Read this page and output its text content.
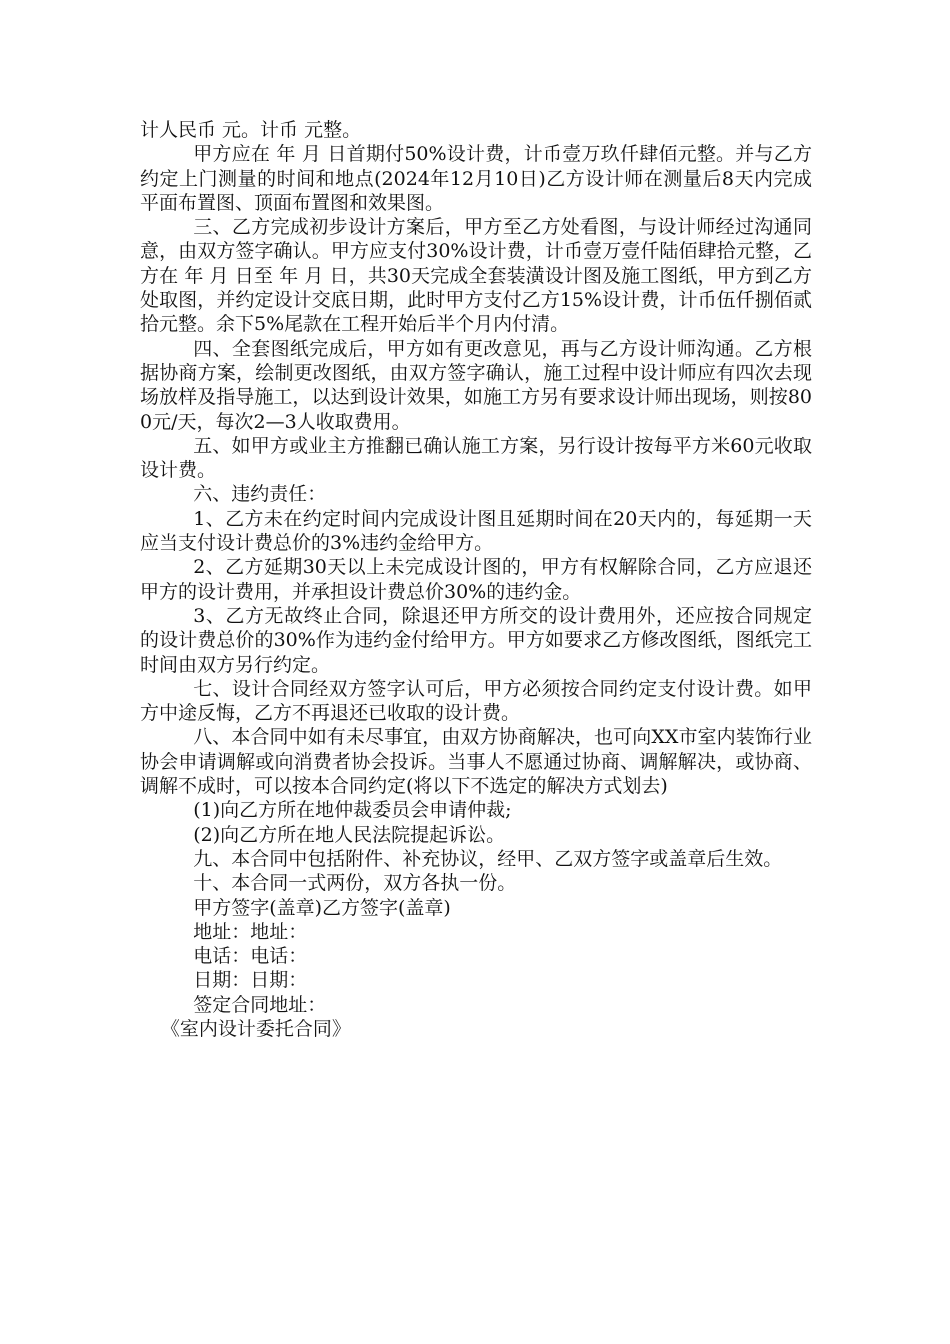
计人民币 元。计币 元整。

甲方应在 年 月 日首期付50%设计费，计币壹万玖仟肆佰元整。并与乙方约定上门测量的时间和地点(2024年12月10日)乙方设计师在测量后8天内完成平面布置图、顶面布置图和效果图。

三、乙方完成初步设计方案后，甲方至乙方处看图，与设计师经过沟通同意，由双方签字确认。甲方应支付30%设计费，计币壹万壹仟陆佰肆拾元整，乙方在 年 月 日至 年 月 日，共30天完成全套装潢设计图及施工图纸，甲方到乙方处取图，并约定设计交底日期，此时甲方支付乙方15%设计费，计币伍仟捌佰贰拾元整。余下5%尾款在工程开始后半个月内付清。

四、全套图纸完成后，甲方如有更改意见，再与乙方设计师沟通。乙方根据协商方案，绘制更改图纸，由双方签字确认，施工过程中设计师应有四次去现场放样及指导施工，以达到设计效果，如施工方另有要求设计师出现场，则按800元/天，每次2—3人收取费用。

五、如甲方或业主方推翻已确认施工方案，另行设计按每平方米60元收取设计费。

六、违约责任：

1、乙方未在约定时间内完成设计图且延期时间在20天内的，每延期一天应当支付设计费总价的3%违约金给甲方。

2、乙方延期30天以上未完成设计图的，甲方有权解除合同，乙方应退还甲方的设计费用，并承担设计费总价30%的违约金。

3、乙方无故终止合同，除退还甲方所交的设计费用外，还应按合同规定的设计费总价的30%作为违约金付给甲方。甲方如要求乙方修改图纸，图纸完工时间由双方另行约定。

七、设计合同经双方签字认可后，甲方必须按合同约定支付设计费。如甲方中途反悔，乙方不再退还已收取的设计费。

八、本合同中如有未尽事宜，由双方协商解决，也可向XX市室内装饰行业协会申请调解或向消费者协会投诉。当事人不愿通过协商、调解解决，或协商、调解不成时，可以按本合同约定(将以下不选定的解决方式划去)

(1)向乙方所在地仲裁委员会申请仲裁;

(2)向乙方所在地人民法院提起诉讼。

九、本合同中包括附件、补充协议，经甲、乙双方签字或盖章后生效。

十、本合同一式两份，双方各执一份。

甲方签字(盖章)乙方签字(盖章)

地址：地址：

电话：电话：

日期：日期：

签定合同地址：

《室内设计委托合同》
